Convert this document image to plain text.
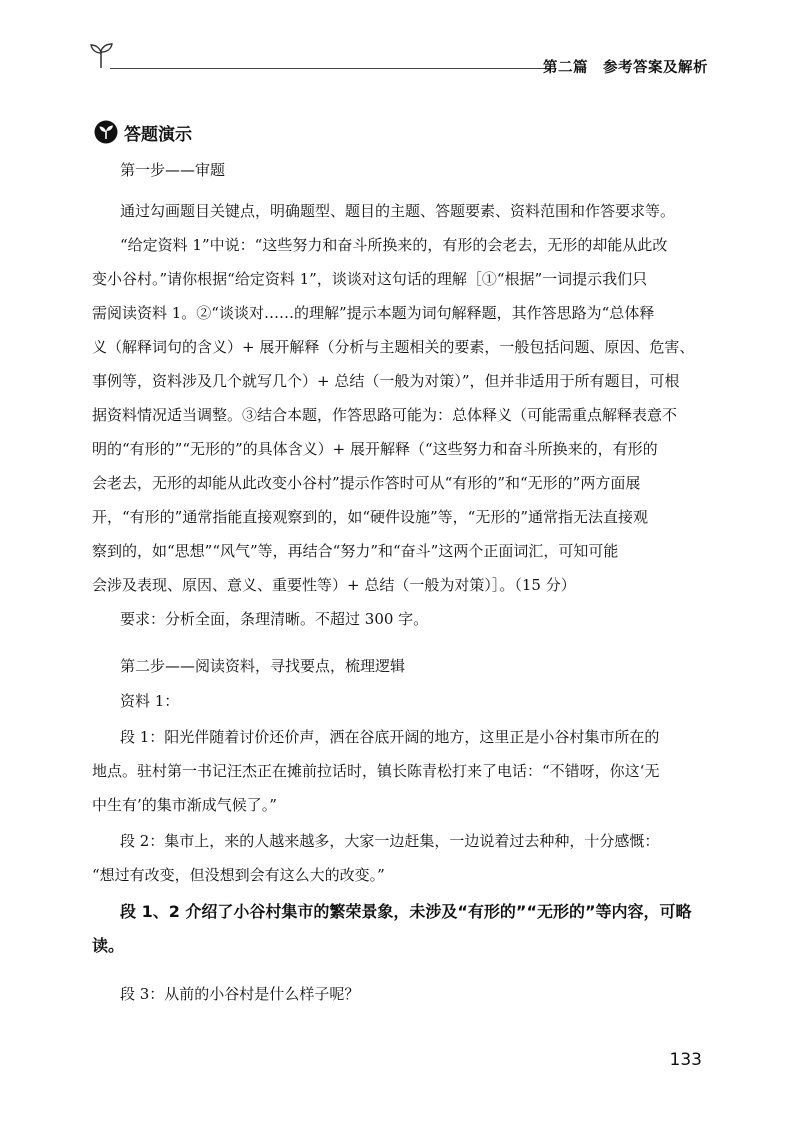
第二篇　参考答案及解析
答题演示
第一步——审题
通过勾画题目关键点，明确题型、题目的主题、答题要素、资料范围和作答要求等。
“给定资料 1”中说：“这些努力和奋斗所换来的，有形的会老去，无形的却能从此改
变小谷村。”请你根据“给定资料 1”，谈谈对这句话的理解［①“根据”一词提示我们只
需阅读资料 1。②“谈谈对……的理解”提示本题为词句解释题，其作答思路为“总体释
义（解释词句的含义）+ 展开解释（分析与主题相关的要素，一般包括问题、原因、危害、
事例等，资料涉及几个就写几个）+ 总结（一般为对策）”，但并非适用于所有题目，可根
据资料情况适当调整。③结合本题，作答思路可能为：总体释义（可能需重点解释表意不
明的“有形的”“无形的”的具体含义）+ 展开解释（“这些努力和奋斗所换来的，有形的
会老去，无形的却能从此改变小谷村”提示作答时可从“有形的”和“无形的”两方面展
开，“有形的”通常指能直接观察到的，如“硬件设施”等，“无形的”通常指无法直接观
察到的，如“思想”“风气”等，再结合“努力”和“奋斗”这两个正面词汇，可知可能
会涉及表现、原因、意义、重要性等）+ 总结（一般为对策）］。（15 分）
要求：分析全面，条理清晰。不超过 300 字。
第二步——阅读资料，寻找要点，梳理逻辑
资料 1：
段 1：阳光伴随着讨价还价声，洒在谷底开阔的地方，这里正是小谷村集市所在的
地点。驻村第一书记汪杰正在摊前拉话时，镇长陈青松打来了电话：“不错呀，你这‘无
中生有’的集市渐成气候了。”
段 2：集市上，来的人越来越多，大家一边赶集，一边说着过去种种，十分感慨：
“想过有改变，但没想到会有这么大的改变。”
段 1、2 介绍了小谷村集市的繁荣景象，未涉及“有形的”“无形的”等内容，可略
读。
段 3：从前的小谷村是什么样子呢？
133
